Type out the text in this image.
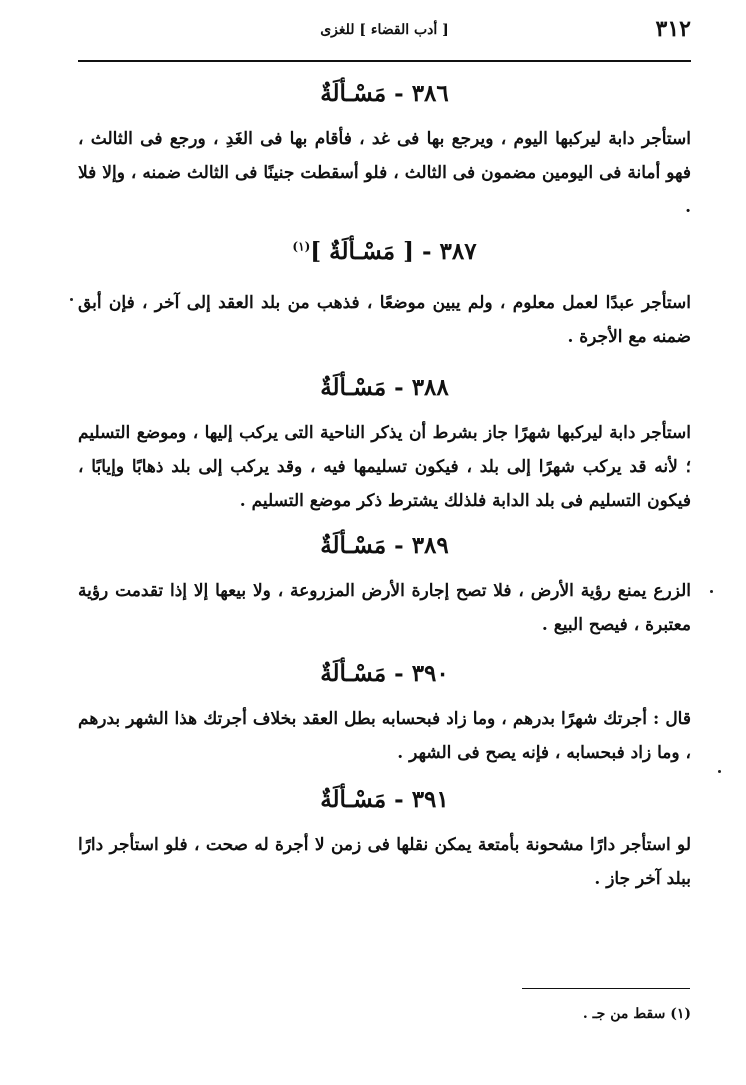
٣١٢
[ أدب القضاء ] للغزى
٣٨٦ - مَسْـألَةٌ

استأجر دابة ليركبها اليوم ، ويرجع بها فى غد ، فأقام بها فى الغَدِ ، ورجع فى الثالث ، فهو أمانة فى اليومين مضمون فى الثالث ، فلو أسقطت جنينًا فى الثالث ضمنه ، وإلا فلا .

٣٨٧ - [ مَسْـألَةٌ ]$^{(١)}$

استأجر عبدًا لعمل معلوم ، ولم يبين موضعًا ، فذهب من بلد العقد إلى آخر ، فإن أبق ضمنه مع الأجرة .

٣٨٨ - مَسْـألَةٌ

استأجر دابة ليركبها شهرًا جاز بشرط أن يذكر الناحية التى يركب إليها ، وموضع التسليم ؛ لأنه قد يركب شهرًا إلى بلد ، فيكون تسليمها فيه ، وقد يركب إلى بلد ذهابًا وإيابًا ، فيكون التسليم فى بلد الدابة فلذلك يشترط ذكر موضع التسليم .

٣٨٩ - مَسْـألَةٌ

الزرع يمنع رؤية الأرض ، فلا تصح إجارة الأرض المزروعة ، ولا بيعها إلا إذا تقدمت رؤية معتبرة ، فيصح البيع .

٣٩٠ - مَسْـألَةٌ

قال : أجرتك شهرًا بدرهم ، وما زاد فبحسابه بطل العقد بخلاف أجرتك هذا الشهر بدرهم ، وما زاد فبحسابه ، فإنه يصح فى الشهر .

٣٩١ - مَسْـألَةٌ

لو استأجر دارًا مشحونة بأمتعة يمكن نقلها فى زمن لا أجرة له صحت ، فلو استأجر دارًا ببلد آخر جاز .

(١) سقط من جـ .
